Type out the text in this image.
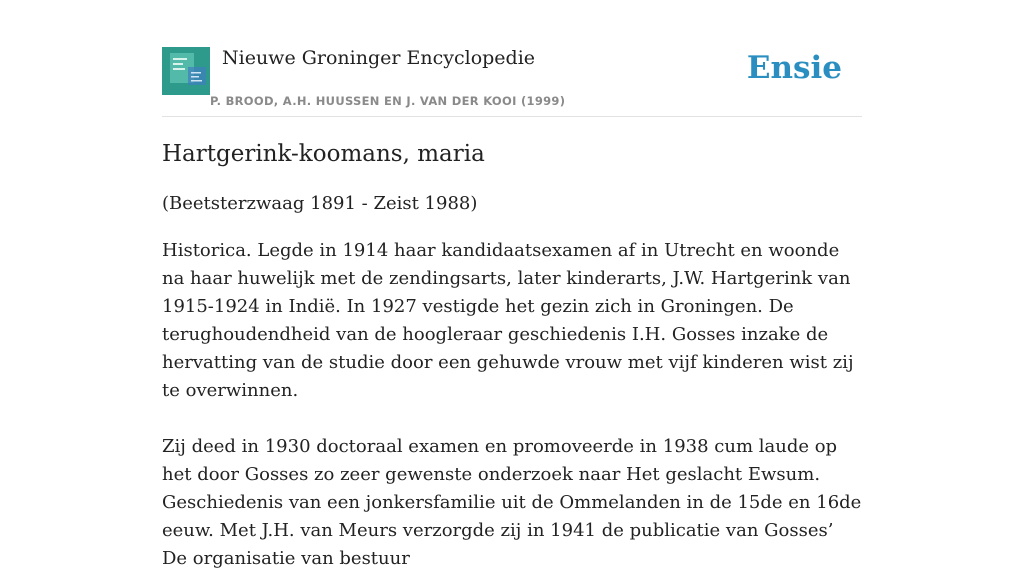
Nieuwe Groninger Encyclopedie
P. BROOD, A.H. HUUSSEN EN J. VAN DER KOOI (1999)
Ensie
Hartgerink-koomans, maria

(Beetsterzwaag 1891 - Zeist 1988)

Historica. Legde in 1914 haar kandidaatsexamen af in Utrecht en woonde na haar huwelijk met de zendingsarts, later kinderarts, J.W. Hartgerink van 1915-1924 in Indië. In 1927 vestigde het gezin zich in Groningen. De terughoudendheid van de hoogleraar geschiedenis I.H. Gosses inzake de hervatting van de studie door een gehuwde vrouw met vijf kinderen wist zij te overwinnen.

Zij deed in 1930 doctoraal examen en promoveerde in 1938 cum laude op het door Gosses zo zeer gewenste onderzoek naar Het geslacht Ewsum. Geschiedenis van een jonkersfamilie uit de Ommelanden in de 15de en 16de eeuw. Met J.H. van Meurs verzorgde zij in 1941 de publicatie van Gosses’ De organisatie van bestuur
